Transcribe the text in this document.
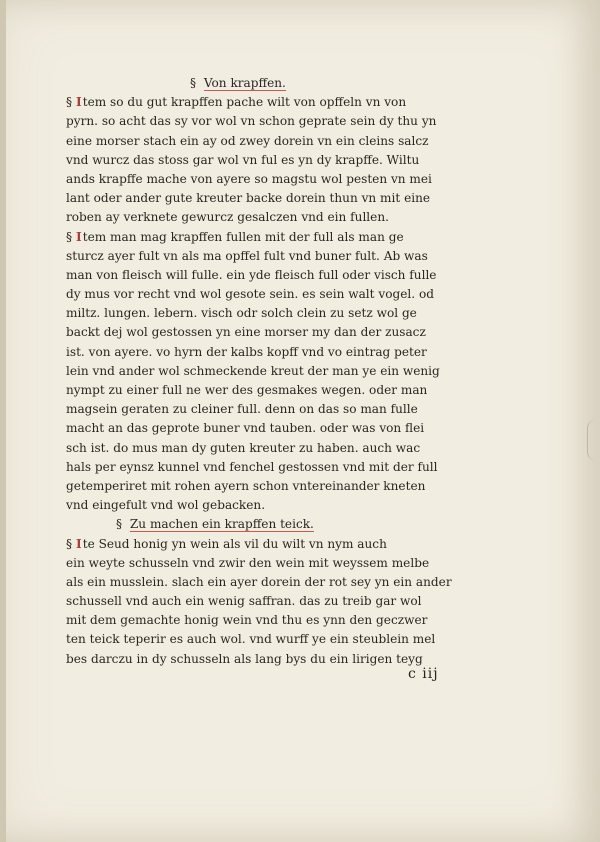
§ Von krapffen.
§ Item so du gut krapffen pache wilt von opffeln vn von
pyrn. so acht das sy vor wol vn schon geprate sein dy thu yn
eine morser stach ein ay od zwey dorein vn ein cleins salcz
vnd wurcz das stoss gar wol vn ful es yn dy krapffe. Wiltu
ands krapffe mache von ayere so magstu wol pesten vn mei
lant oder ander gute kreuter backe dorein thun vn mit eine
roben ay verknete gewurcz gesalczen vnd ein fullen.
§ Item man mag krapffen fullen mit der full als man ge
sturcz ayer fult vn als ma opffel fult vnd buner fult. Ab was
man von fleisch will fulle. ein yde fleisch full oder visch fulle
dy mus vor recht vnd wol gesote sein. es sein walt vogel. od
miltz. lungen. lebern. visch odr solch clein zu setz wol ge
backt dej wol gestossen yn eine morser my dan der zusacz
ist. von ayere. vo hyrn der kalbs kopff vnd vo eintrag peter
lein vnd ander wol schmeckende kreut der man ye ein wenig
nympt zu einer full ne wer des gesmakes wegen. oder man
magsein geraten zu cleiner full. denn on das so man fulle
macht an das geprote buner vnd tauben. oder was von flei
sch ist. do mus man dy guten kreuter zu haben. auch wac
hals per eynsz kunnel vnd fenchel gestossen vnd mit der full
getemperiret mit rohen ayern schon vntereinander kneten
vnd eingefult vnd wol gebacken.
§ Zu machen ein krapffen teick.
§ Ite Seud honig yn wein als vil du wilt vn nym auch
ein weyte schusseln vnd zwir den wein mit weyssem melbe
als ein musslein. slach ein ayer dorein der rot sey yn ein ander
schussell vnd auch ein wenig saffran. das zu treib gar wol
mit dem gemachte honig wein vnd thu es ynn den geczwer
ten teick teperir es auch wol. vnd wurff ye ein steublein mel
bes darczu in dy schusseln als lang bys du ein lirigen teyg
c iij
